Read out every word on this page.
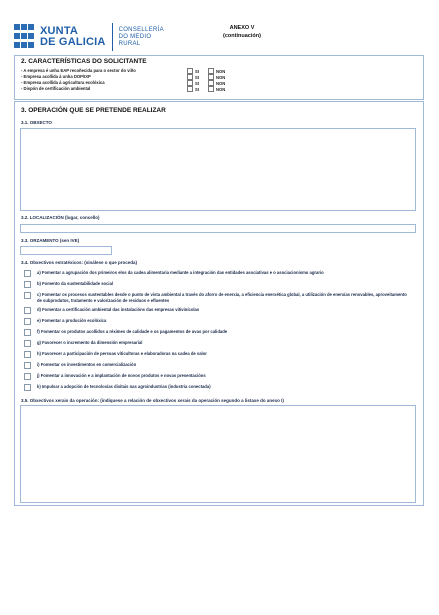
XUNTA
DE GALICIA
CONSELLERÍA
DO MEDIO
RURAL
ANEXO V
(continuación)
2. CARACTERÍSTICAS DO SOLICITANTE
- A empresa é unha EAP recoñecida para o sector do viño	SI	NON
- Empresa acollida á unha DOP/IXP	SI	NON
- Empresa acollida á agricultura ecolóxica	SI	NON
- Dispón de certificación ambiental	SI	NON
3. OPERACIÓN QUE SE PRETENDE REALIZAR
3.1. OBXECTO
3.2. LOCALIZACIÓN (lugar, concello)
3.3. ORZAMENTO (sen IVE)
3.4. Obxectivos estratéxicos: (sinálese o que proceda)
a) Fomentar a agrupación dos primeiros elos da cadea alimentaria mediante a integración das entidades asociativas e o asociacionismo agrario
b) Fomento da sustentabilidade social
c) Fomentar os procesos sustentables desde o punto de vista ambiental a través do aforro de enerxía, a eficiencia enerxética global, a utilización de enerxías renovables, aproveitamento de subprodutos, tratamento e valorización de residuos e efluentes
d) Fomentar a certificación ambiental das instalacións das empresas vitivinícolas
e) Fomentar a produción ecolóxica
f) Fomentar os produtos acollidos a réximes de calidade e os pagamentos de uvas por calidade
g) Favorecer o incremento da dimensión empresarial
h) Favorecer a participación de persoas viticultoras e elaboradoras na cadea de valor
i) Fomentar os investimentos en comercialización
j) Fomentar a innovación e a implantación de novos produtos e novas presentacións
k) Impulsar a adopción de tecnoloxías dixitais nas agroindustrias (industria conectada)
3.5. Obxectivos xerais da operación: (indíquese a relación de obxectivos xerais da operación segundo a listaxe do anexo I)
